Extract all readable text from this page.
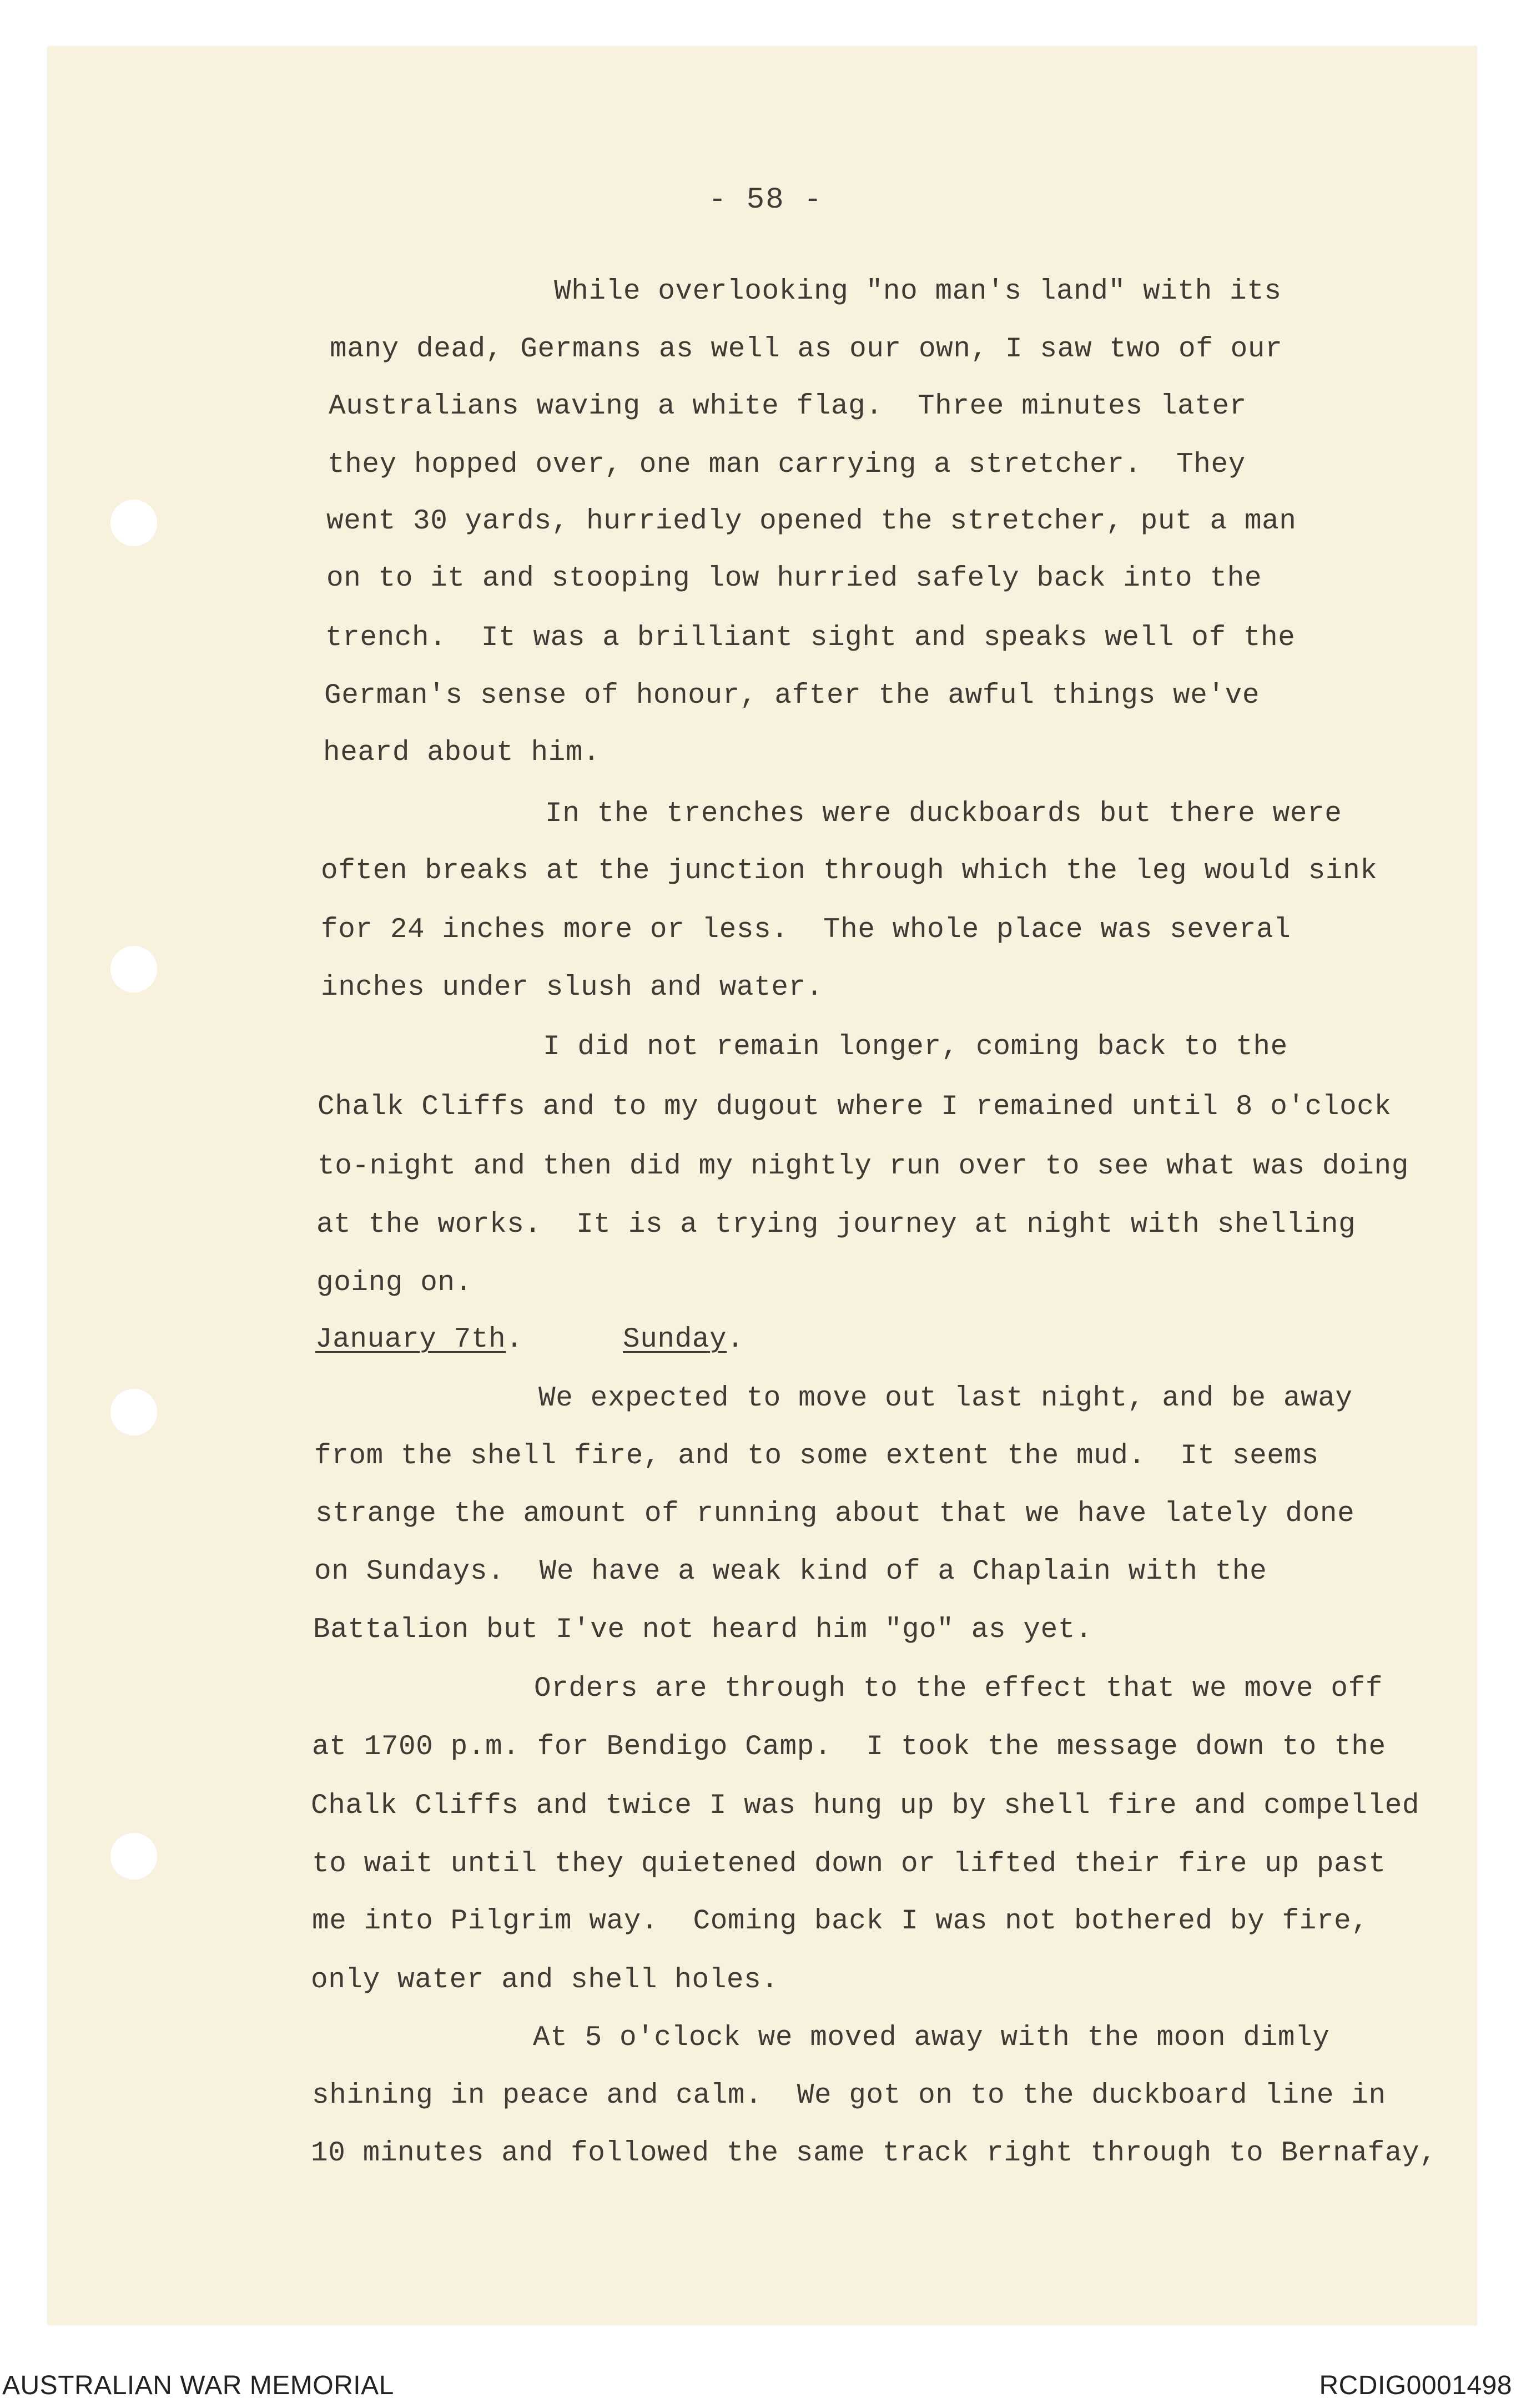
- 58 -
While overlooking "no man's land" with its
many dead, Germans as well as our own, I saw two of our
Australians waving a white flag.  Three minutes later
they hopped over, one man carrying a stretcher.  They
went 30 yards, hurriedly opened the stretcher, put a man
on to it and stooping low hurried safely back into the
trench.  It was a brilliant sight and speaks well of the
German's sense of honour, after the awful things we've
heard about him.
In the trenches were duckboards but there were
often breaks at the junction through which the leg would sink
for 24 inches more or less.  The whole place was several
inches under slush and water.
I did not remain longer, coming back to the
Chalk Cliffs and to my dugout where I remained until 8 o'clock
to-night and then did my nightly run over to see what was doing
at the works.  It is a trying journey at night with shelling
going on.
January 7th.	Sunday.
We expected to move out last night, and be away
from the shell fire, and to some extent the mud.  It seems
strange the amount of running about that we have lately done
on Sundays.  We have a weak kind of a Chaplain with the
Battalion but I've not heard him "go" as yet.
Orders are through to the effect that we move off
at 1700 p.m. for Bendigo Camp.  I took the message down to the
Chalk Cliffs and twice I was hung up by shell fire and compelled
to wait until they quietened down or lifted their fire up past
me into Pilgrim way.  Coming back I was not bothered by fire,
only water and shell holes.
At 5 o'clock we moved away with the moon dimly
shining in peace and calm.  We got on to the duckboard line in
10 minutes and followed the same track right through to Bernafay,
AUSTRALIAN WAR MEMORIAL	RCDIG0001498
